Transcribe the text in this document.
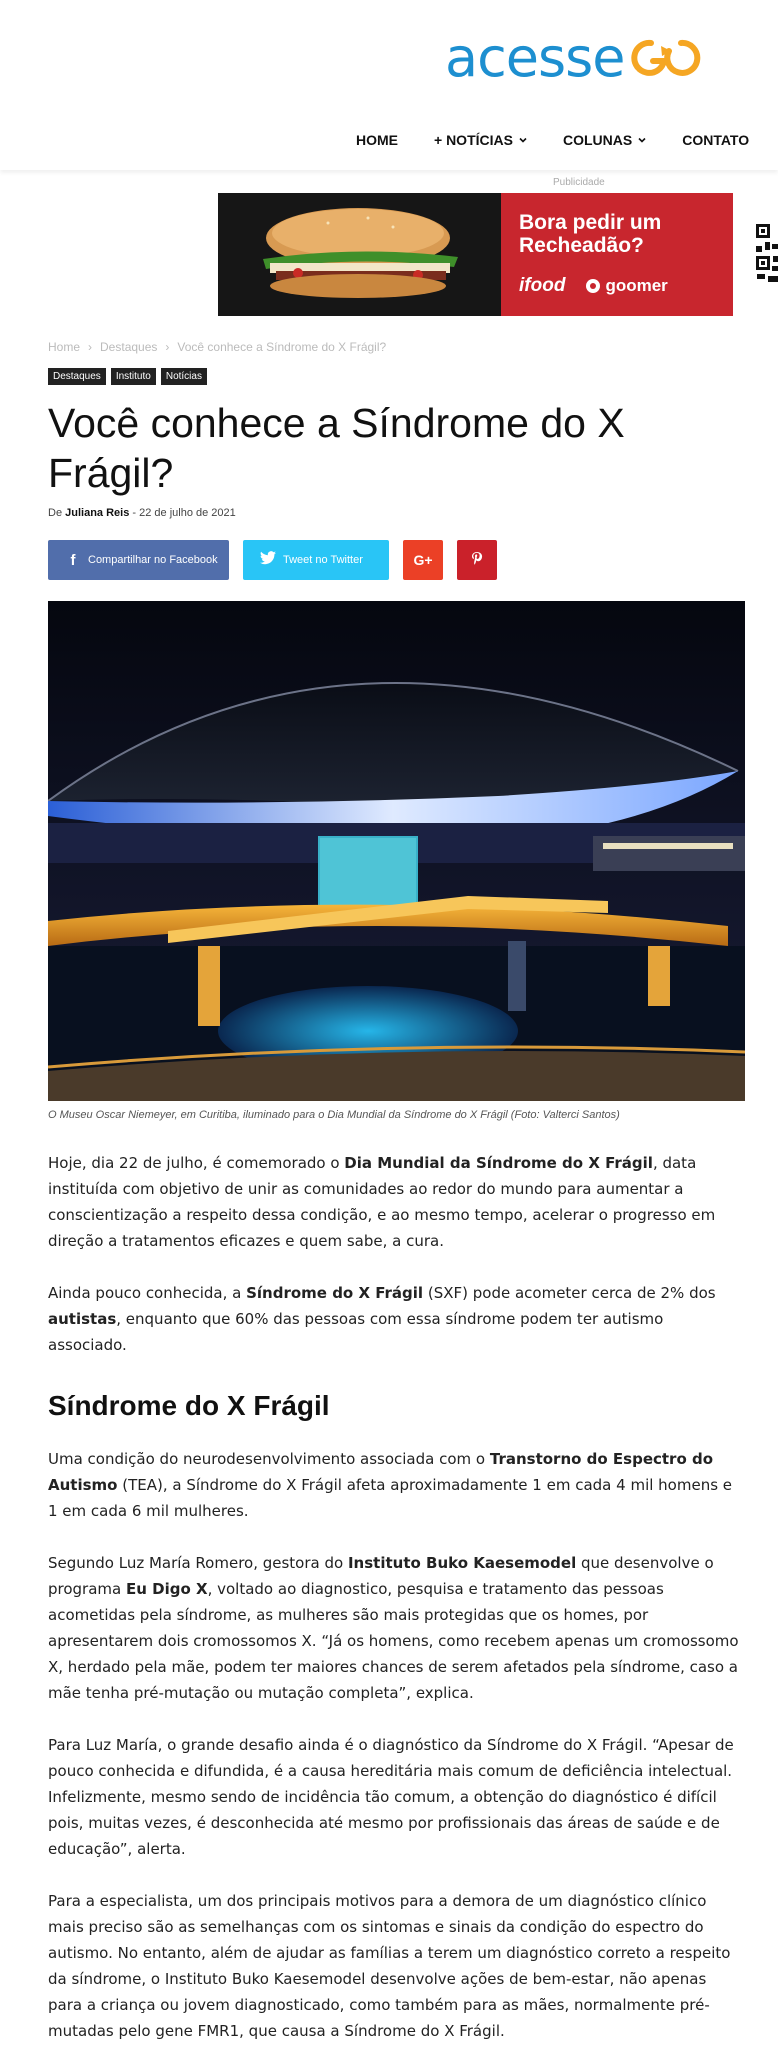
acesse
HOME	+ NOTÍCIAS	COLUNAS	CONTATO
Publicidade
Bora pedir um
Recheadão?
ifood goomer
Home › Destaques › Você conhece a Síndrome do X Frágil?
Destaques	Instituto	Notícias
Você conhece a Síndrome do X Frágil?
De Juliana Reis - 22 de julho de 2021
f	Compartilhar no Facebook	Tweet no Twitter	G+
O Museu Oscar Niemeyer, em Curitiba, iluminado para o Dia Mundial da Síndrome do X Frágil (Foto: Valterci Santos)

Hoje, dia 22 de julho, é comemorado o Dia Mundial da Síndrome do X Frágil, data instituída com objetivo de unir as comunidades ao redor do mundo para aumentar a conscientização a respeito dessa condição, e ao mesmo tempo, acelerar o progresso em direção a tratamentos eficazes e quem sabe, a cura.

Ainda pouco conhecida, a Síndrome do X Frágil (SXF) pode acometer cerca de 2% dos autistas, enquanto que 60% das pessoas com essa síndrome podem ter autismo associado.

Síndrome do X Frágil

Uma condição do neurodesenvolvimento associada com o Transtorno do Espectro do Autismo (TEA), a Síndrome do X Frágil afeta aproximadamente 1 em cada 4 mil homens e 1 em cada 6 mil mulheres.

Segundo Luz María Romero, gestora do Instituto Buko Kaesemodel que desenvolve o programa Eu Digo X, voltado ao diagnostico, pesquisa e tratamento das pessoas acometidas pela síndrome, as mulheres são mais protegidas que os homes, por apresentarem dois cromossomos X. “Já os homens, como recebem apenas um cromossomo X, herdado pela mãe, podem ter maiores chances de serem afetados pela síndrome, caso a mãe tenha pré-mutação ou mutação completa”, explica.

Para Luz María, o grande desafio ainda é o diagnóstico da Síndrome do X Frágil. “Apesar de pouco conhecida e difundida, é a causa hereditária mais comum de deficiência intelectual. Infelizmente, mesmo sendo de incidência tão comum, a obtenção do diagnóstico é difícil pois, muitas vezes, é desconhecida até mesmo por profissionais das áreas de saúde e de educação”, alerta.

Para a especialista, um dos principais motivos para a demora de um diagnóstico clínico mais preciso são as semelhanças com os sintomas e sinais da condição do espectro do autismo. No entanto, além de ajudar as famílias a terem um diagnóstico correto a respeito da síndrome, o Instituto Buko Kaesemodel desenvolve ações de bem-estar, não apenas para a criança ou jovem diagnosticado, como também para as mães, normalmente pré-mutadas pelo gene FMR1, que causa a Síndrome do X Frágil.
